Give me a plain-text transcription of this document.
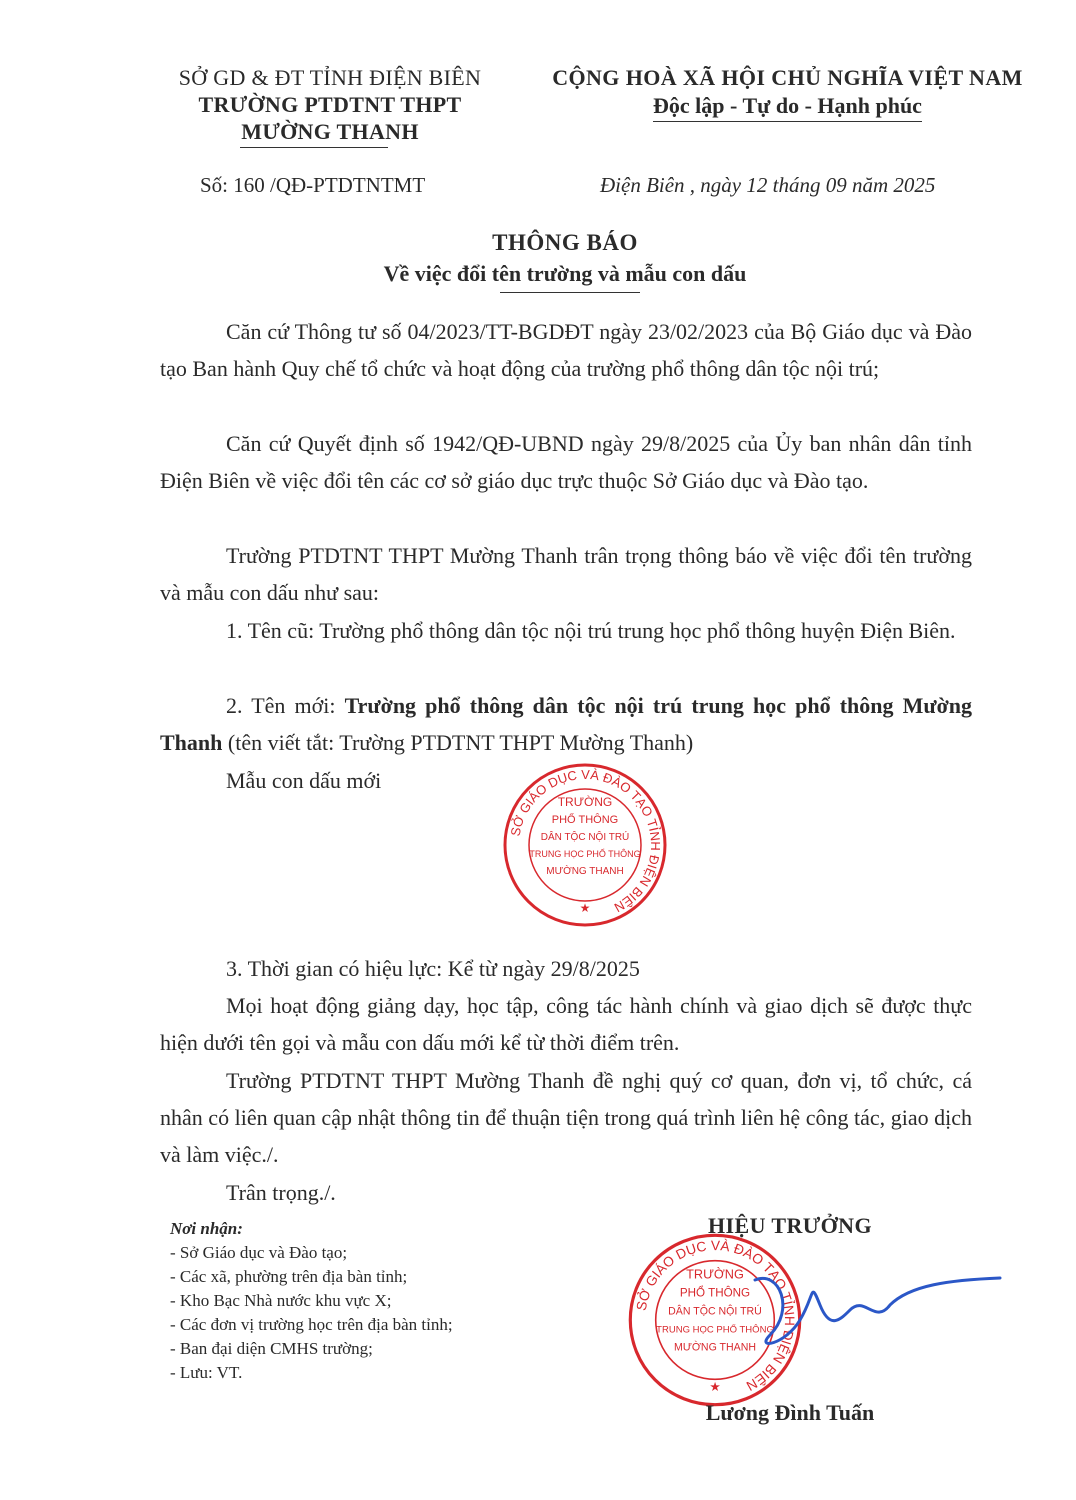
SỞ GD & ĐT TỈNH ĐIỆN BIÊN
TRƯỜNG PTDTNT THPT
MƯỜNG THANH
CỘNG HOÀ XÃ HỘI CHỦ NGHĨA VIỆT NAM
Độc lập - Tự do - Hạnh phúc
Số: 160 /QĐ-PTDTNTMT	Điện Biên , ngày 12 tháng 09 năm 2025
THÔNG BÁO
Về việc đổi tên trường và mẫu con dấu
Căn cứ Thông tư số 04/2023/TT-BGDĐT ngày 23/02/2023 của Bộ Giáo dục và Đào tạo Ban hành Quy chế tổ chức và hoạt động của trường phổ thông dân tộc nội trú;
Căn cứ Quyết định số 1942/QĐ-UBND ngày 29/8/2025 của Ủy ban nhân dân tỉnh Điện Biên về việc đổi tên các cơ sở giáo dục trực thuộc Sở Giáo dục và Đào tạo.
Trường PTDTNT THPT Mường Thanh trân trọng thông báo về việc đổi tên trường và mẫu con dấu như sau:
1. Tên cũ: Trường phổ thông dân tộc nội trú trung học phổ thông huyện Điện Biên.
2. Tên mới: Trường phổ thông dân tộc nội trú trung học phổ thông Mường Thanh (tên viết tắt: Trường PTDTNT THPT Mường Thanh)
Mẫu con dấu mới
SỞ GIÁO DỤC VÀ ĐÀO TẠO TỈNH ĐIỆN BIÊN
TRƯỜNG
PHỔ THÔNG
DÂN TỘC NỘI TRÚ
TRUNG HỌC PHỔ THÔNG
MƯỜNG THANH
★
3. Thời gian có hiệu lực: Kể từ ngày 29/8/2025
Mọi hoạt động giảng dạy, học tập, công tác hành chính và giao dịch sẽ được thực hiện dưới tên gọi và mẫu con dấu mới kể từ thời điểm trên.
Trường PTDTNT THPT Mường Thanh đề nghị quý cơ quan, đơn vị, tổ chức, cá nhân có liên quan cập nhật thông tin để thuận tiện trong quá trình liên hệ công tác, giao dịch và làm việc./.
Trân trọng./.
Nơi nhận:
- Sở Giáo dục và Đào tạo;
- Các xã, phường trên địa bàn tỉnh;
- Kho Bạc Nhà nước khu vực X;
- Các đơn vị trường học trên địa bàn tỉnh;
- Ban đại diện CMHS trường;
- Lưu: VT.
HIỆU TRƯỞNG
SỞ GIÁO DỤC VÀ ĐÀO TẠO TỈNH ĐIỆN BIÊN
TRƯỜNG
PHỔ THÔNG
DÂN TỘC NỘI TRÚ
TRUNG HỌC PHỔ THÔNG
MƯỜNG THANH
★
Lương Đình Tuấn
